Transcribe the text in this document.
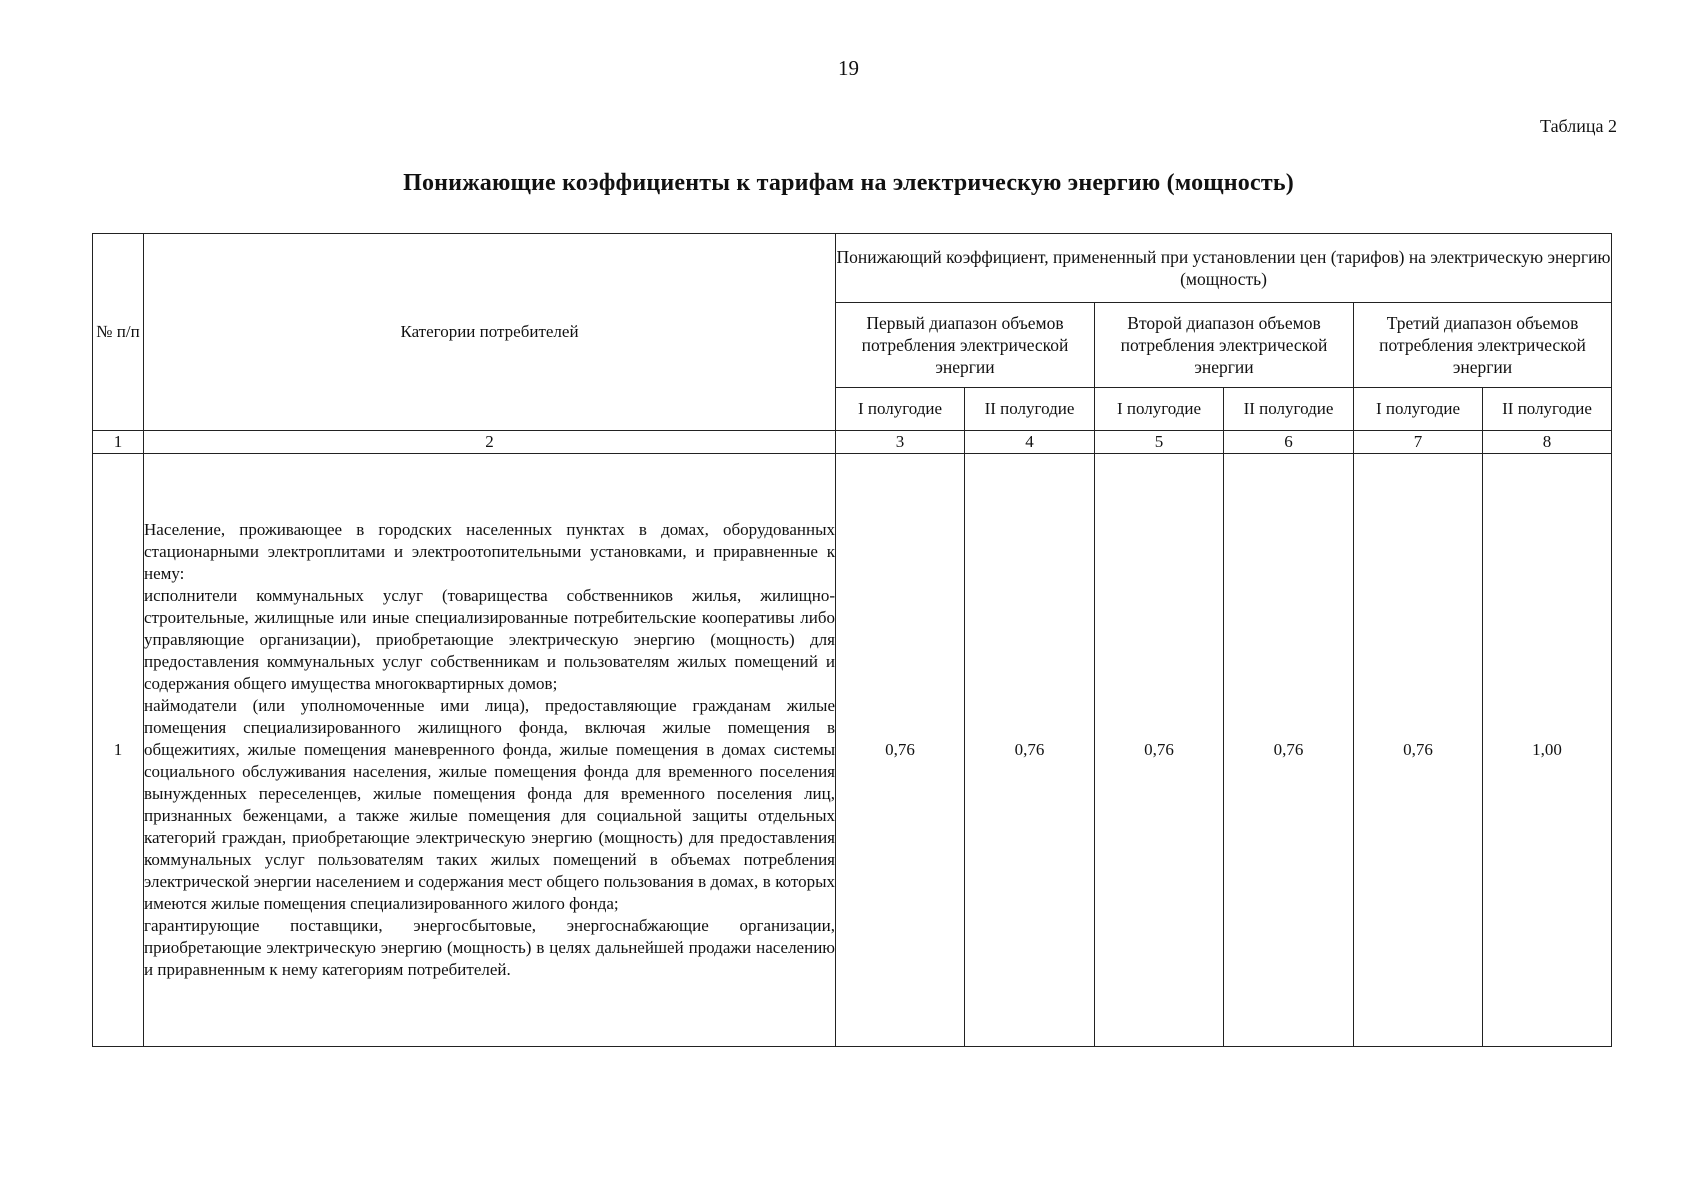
19
Таблица 2
Понижающие коэффициенты к тарифам на электрическую энергию (мощность)
№ п/п	Категории потребителей	Понижающий коэффициент, примененный при установлении цен (тарифов) на электрическую энергию (мощность)					
		Первый диапазон объемов потребления электрической энергии		Второй диапазон объемов потребления электрической энергии		Третий диапазон объемов потребления электрической энергии	
		I полугодие	II полугодие	I полугодие	II полугодие	I полугодие	II полугодие
1	2	3	4	5	6	7	8
1	Население, проживающее в городских населенных пунктах в домах, оборудованных стационарными электроплитами и электроотопительными установками, и приравненные к нему:

исполнители коммунальных услуг (товарищества собственников жилья, жилищно-строительные, жилищные или иные специализированные потребительские кооперативы либо управляющие организации), приобретающие электрическую энергию (мощность) для предоставления коммунальных услуг собственникам и пользователям жилых помещений и содержания общего имущества многоквартирных домов;

наймодатели (или уполномоченные ими лица), предоставляющие гражданам жилые помещения специализированного жилищного фонда, включая жилые помещения в общежитиях, жилые помещения маневренного фонда, жилые помещения в домах системы социального обслуживания населения, жилые помещения фонда для временного поселения вынужденных переселенцев, жилые помещения фонда для временного поселения лиц, признанных беженцами, а также жилые помещения для социальной защиты отдельных категорий граждан, приобретающие электрическую энергию (мощность) для предоставления коммунальных услуг пользователям таких жилых помещений в объемах потребления электрической энергии населением и содержания мест общего пользования в домах, в которых имеются жилые помещения специализированного жилого фонда;

гарантирующие поставщики, энергосбытовые, энергоснабжающие организации, приобретающие электрическую энергию (мощность) в целях дальнейшей продажи населению и приравненным к нему категориям потребителей.	0,76	0,76	0,76	0,76	0,76	1,00
